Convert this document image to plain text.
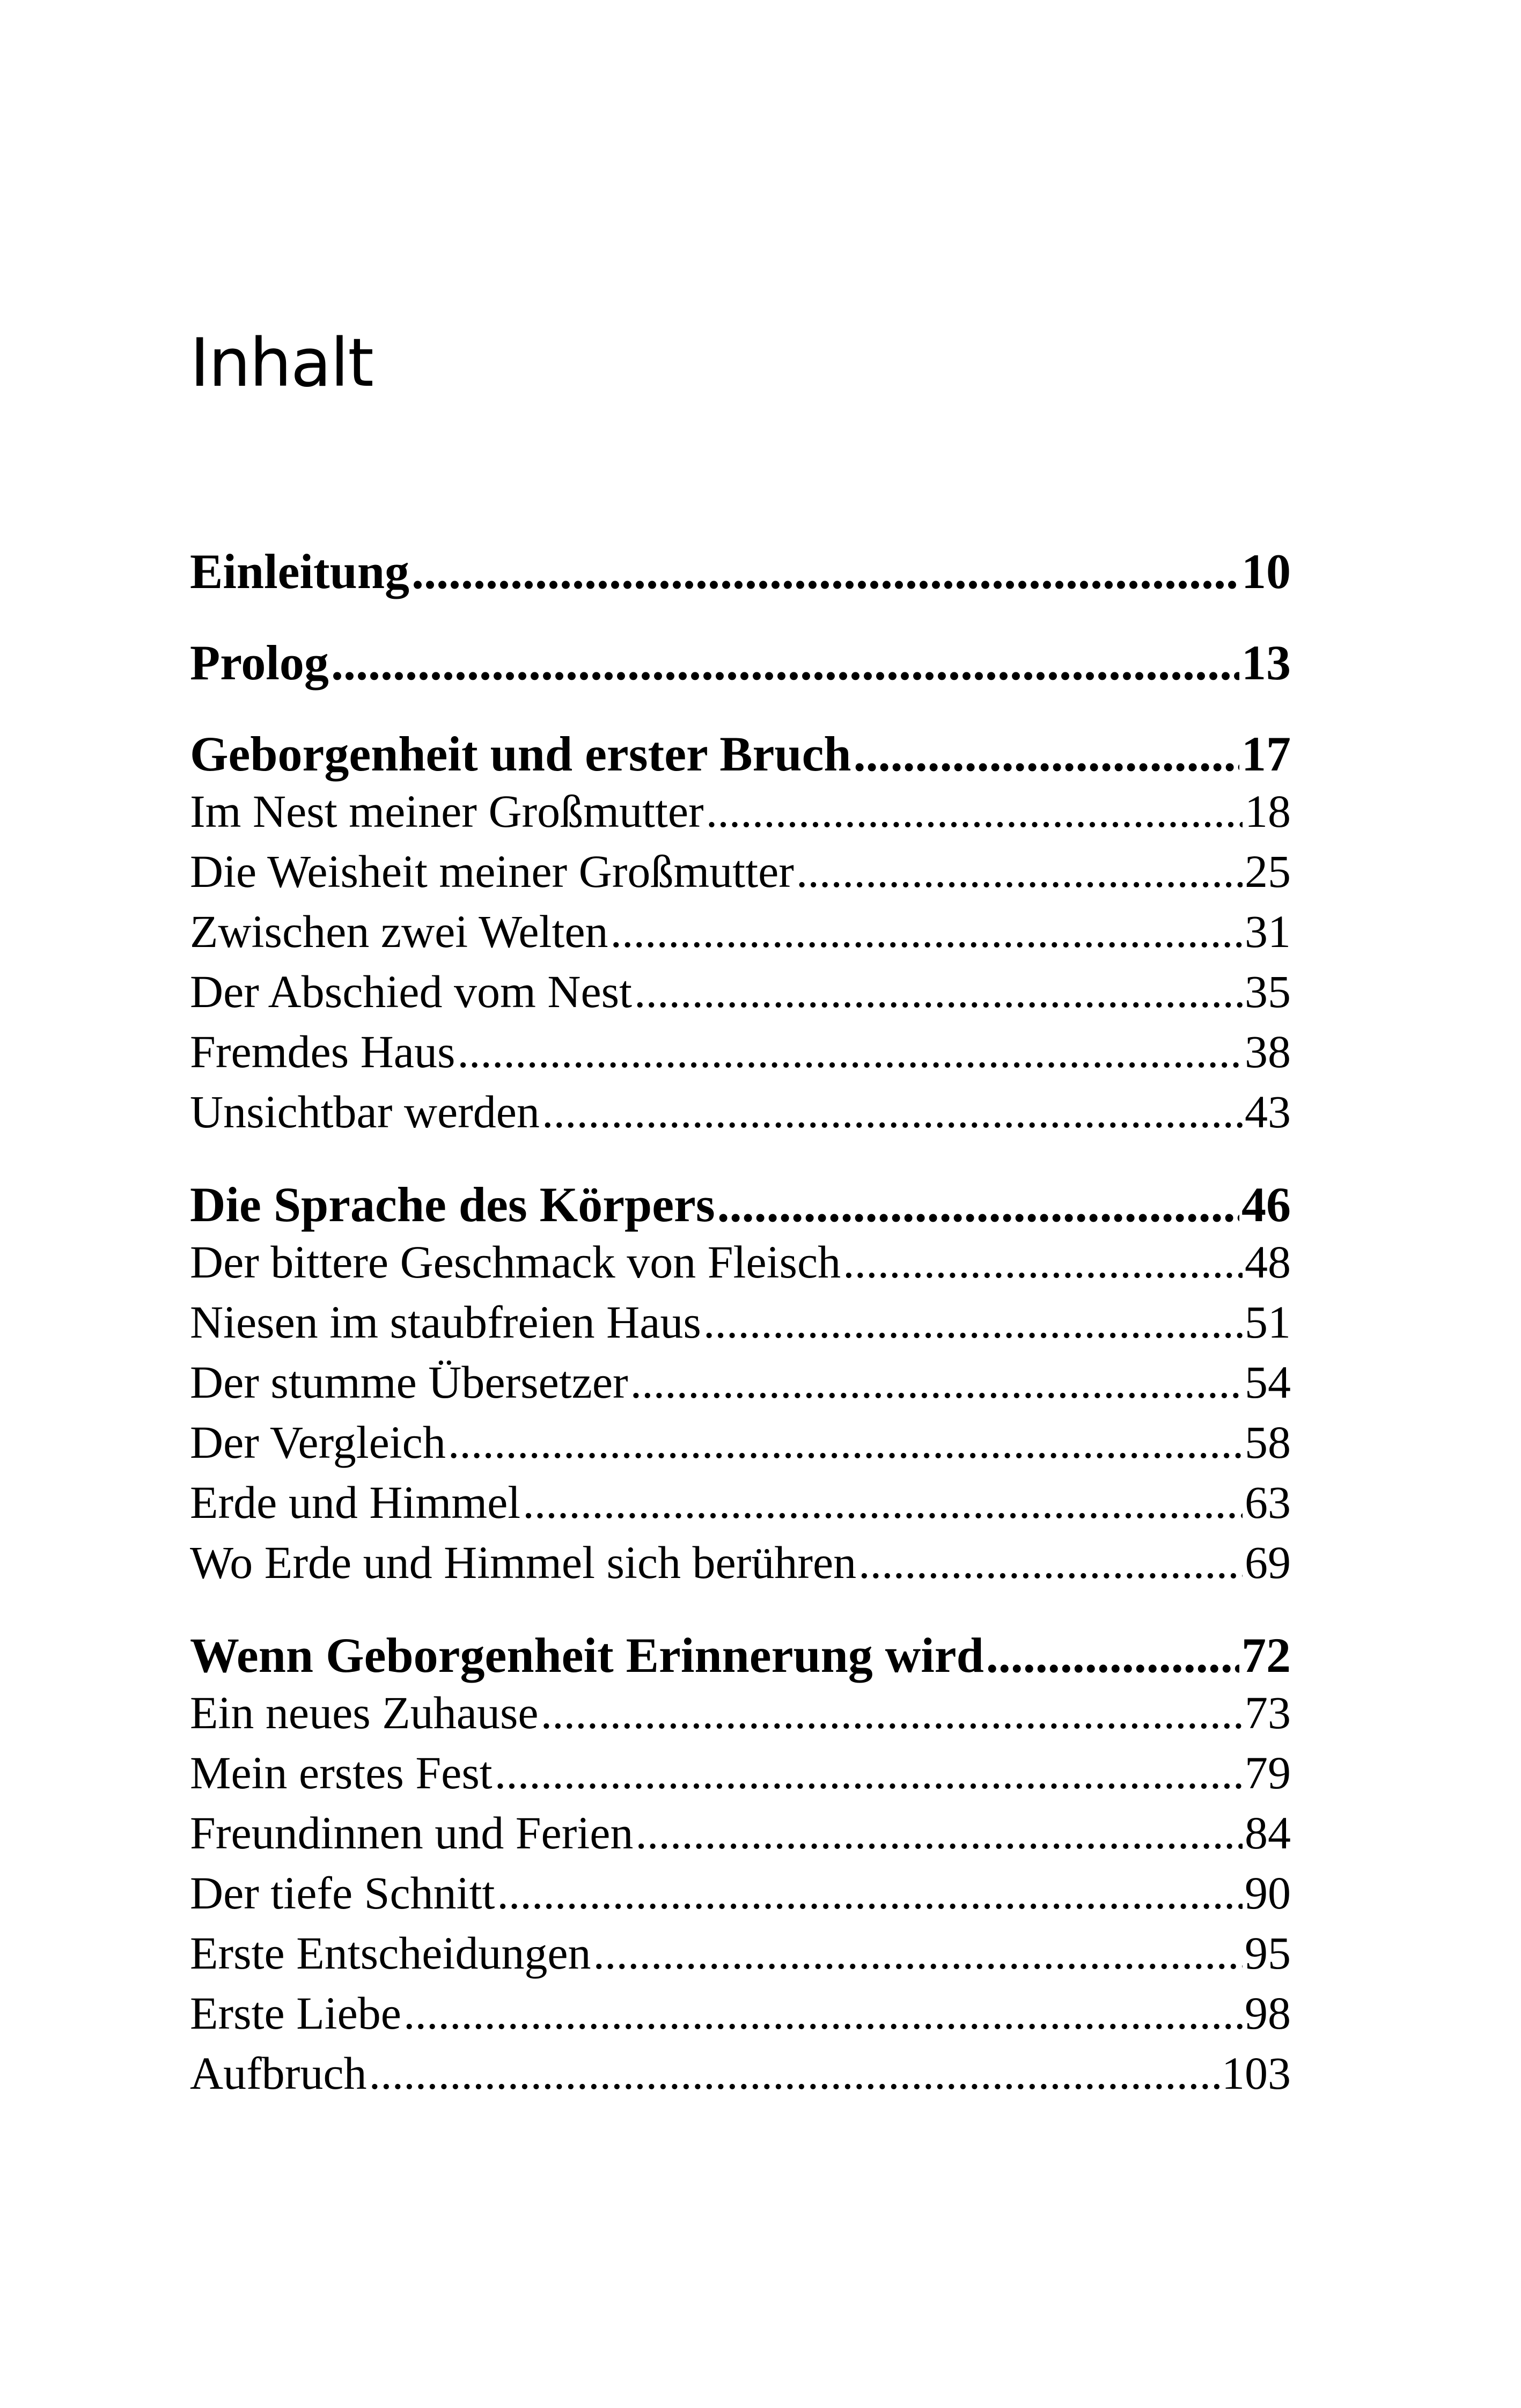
Inhalt
Einleitung .....	10
Prolog .....	13
Geborgenheit und erster Bruch .....	17
Im Nest meiner Großmutter .....	18
Die Weisheit meiner Großmutter .....	25
Zwischen zwei Welten .....	31
Der Abschied vom Nest .....	35
Fremdes Haus .....	38
Unsichtbar werden .....	43
Die Sprache des Körpers .....	46
Der bittere Geschmack von Fleisch .....	48
Niesen im staubfreien Haus .....	51
Der stumme Übersetzer .....	54
Der Vergleich .....	58
Erde und Himmel .....	63
Wo Erde und Himmel sich berühren .....	69
Wenn Geborgenheit Erinnerung wird .....	72
Ein neues Zuhause .....	73
Mein erstes Fest .....	79
Freundinnen und Ferien .....	84
Der tiefe Schnitt .....	90
Erste Entscheidungen .....	95
Erste Liebe .....	98
Aufbruch .....	103
